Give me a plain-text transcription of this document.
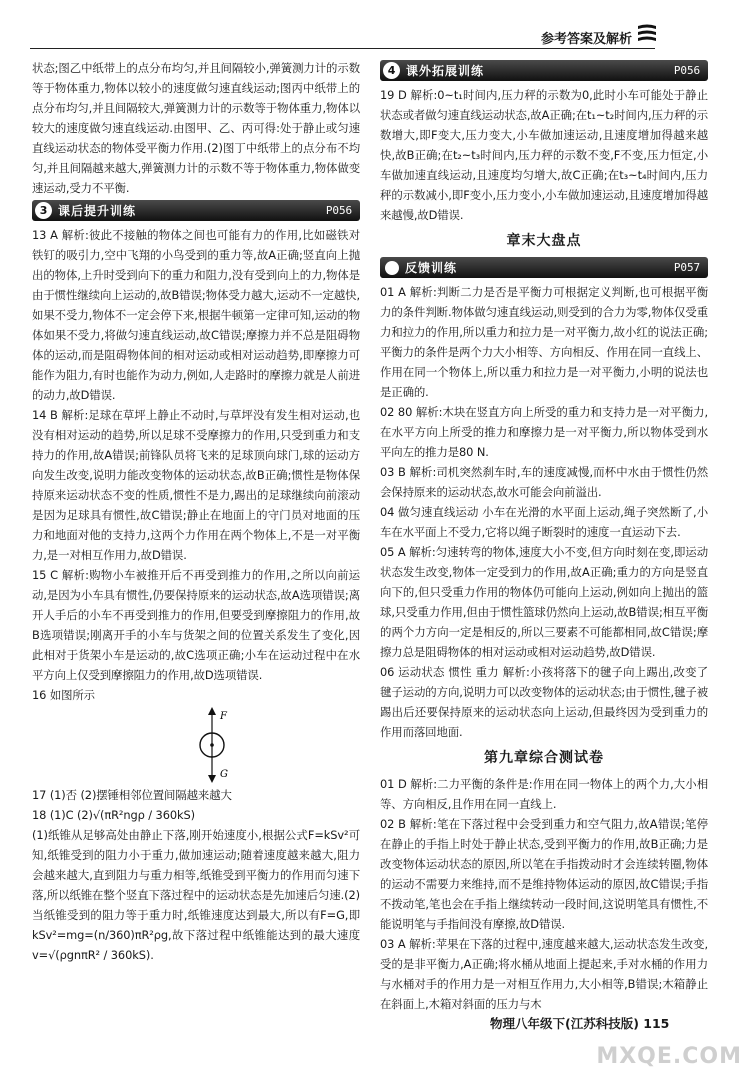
参考答案及解析

状态;图乙中纸带上的点分布均匀,并且间隔较小,弹簧测力计的示数等于物体重力,物体以较小的速度做匀速直线运动;图丙中纸带上的点分布均匀,并且间隔较大,弹簧测力计的示数等于物体重力,物体以较大的速度做匀速直线运动.由图甲、乙、丙可得:处于静止或匀速直线运动状态的物体受平衡力作用.(2)图丁中纸带上的点分布不均匀,并且间隔越来越大,弹簧测力计的示数不等于物体重力,物体做变速运动,受力不平衡.

3 课后提升训练	P056

13 A 解析:彼此不接触的物体之间也可能有力的作用,比如磁铁对铁钉的吸引力,空中飞翔的小鸟受到的重力等,故A正确;竖直向上抛出的物体,上升时受到向下的重力和阻力,没有受到向上的力,物体是由于惯性继续向上运动的,故B错误;物体受力越大,运动不一定越快,如果不受力,物体不一定会停下来,根据牛顿第一定律可知,运动的物体如果不受力,将做匀速直线运动,故C错误;摩擦力并不总是阻碍物体的运动,而是阻碍物体间的相对运动或相对运动趋势,即摩擦力可能作为阻力,有时也能作为动力,例如,人走路时的摩擦力就是人前进的动力,故D错误.

14 B 解析:足球在草坪上静止不动时,与草坪没有发生相对运动,也没有相对运动的趋势,所以足球不受摩擦力的作用,只受到重力和支持力的作用,故A错误;前锋队员将飞来的足球顶向球门,球的运动方向发生改变,说明力能改变物体的运动状态,故B正确;惯性是物体保持原来运动状态不变的性质,惯性不是力,踢出的足球继续向前滚动是因为足球具有惯性,故C错误;静止在地面上的守门员对地面的压力和地面对他的支持力,这两个力作用在两个物体上,不是一对平衡力,是一对相互作用力,故D错误.

15 C 解析:购物小车被推开后不再受到推力的作用,之所以向前运动,是因为小车具有惯性,仍要保持原来的运动状态,故A选项错误;离开人手后的小车不再受到推力的作用,但要受到摩擦阻力的作用,故B选项错误;刚离开手的小车与货架之间的位置关系发生了变化,因此相对于货架小车是运动的,故C选项正确;小车在运动过程中在水平方向上仅受到摩擦阻力的作用,故D选项错误.

16 如图所示

F
G

17 (1)否 (2)摆锤相邻位置间隔越来越大

18 (1)C (2)√(πR²ngρ / 360kS)

(1)纸锥从足够高处由静止下落,刚开始速度小,根据公式F=kSv²可知,纸锥受到的阻力小于重力,做加速运动;随着速度越来越大,阻力会越来越大,直到阻力与重力相等,纸锥受到平衡力的作用而匀速下落,所以纸锥在整个竖直下落过程中的运动状态是先加速后匀速.(2)当纸锥受到的阻力等于重力时,纸锥速度达到最大,所以有F=G,即kSv²=mg=(n/360)πR²ρg,故下落过程中纸锥能达到的最大速度v=√(ρgnπR² / 360kS).

4 课外拓展训练	P056

19 D 解析:0~t₁时间内,压力秤的示数为0,此时小车可能处于静止状态或者做匀速直线运动状态,故A正确;在t₁~t₂时间内,压力秤的示数增大,即F变大,压力变大,小车做加速运动,且速度增加得越来越快,故B正确;在t₂~t₃时间内,压力秤的示数不变,F不变,压力恒定,小车做加速直线运动,且速度均匀增大,故C正确;在t₃~t₄时间内,压力秤的示数减小,即F变小,压力变小,小车做加速运动,且速度增加得越来越慢,故D错误.

章末大盘点
反馈训练	P057

01 A 解析:判断二力是否是平衡力可根据定义判断,也可根据平衡力的条件判断.物体做匀速直线运动,则受到的合力为零,物体仅受重力和拉力的作用,所以重力和拉力是一对平衡力,故小红的说法正确;平衡力的条件是两个力大小相等、方向相反、作用在同一直线上、作用在同一个物体上,所以重力和拉力是一对平衡力,小明的说法也是正确的.

02 80 解析:木块在竖直方向上所受的重力和支持力是一对平衡力,在水平方向上所受的推力和摩擦力是一对平衡力,所以物体受到水平向左的推力是80 N.

03 B 解析:司机突然刹车时,车的速度减慢,而杯中水由于惯性仍然会保持原来的运动状态,故水可能会向前溢出.

04 做匀速直线运动 小车在光滑的水平面上运动,绳子突然断了,小车在水平面上不受力,它将以绳子断裂时的速度一直运动下去.

05 A 解析:匀速转弯的物体,速度大小不变,但方向时刻在变,即运动状态发生改变,物体一定受到力的作用,故A正确;重力的方向是竖直向下的,但只受重力作用的物体仍可能向上运动,例如向上抛出的篮球,只受重力作用,但由于惯性篮球仍然向上运动,故B错误;相互平衡的两个力方向一定是相反的,所以三要素不可能都相同,故C错误;摩擦力总是阻碍物体的相对运动或相对运动趋势,故D错误.

06 运动状态 惯性 重力 解析:小孩将落下的毽子向上踢出,改变了毽子运动的方向,说明力可以改变物体的运动状态;由于惯性,毽子被踢出后还要保持原来的运动状态向上运动,但最终因为受到重力的作用而落回地面.

第九章综合测试卷

01 D 解析:二力平衡的条件是:作用在同一物体上的两个力,大小相等、方向相反,且作用在同一直线上.

02 B 解析:笔在下落过程中会受到重力和空气阻力,故A错误;笔停在静止的手指上时处于静止状态,受到平衡力的作用,故B正确;力是改变物体运动状态的原因,所以笔在手指拨动时才会连续转圈,物体的运动不需要力来维持,而不是维持物体运动的原因,故C错误;手指不拨动笔,笔也会在手指上继续转动一段时间,这说明笔具有惯性,不能说明笔与手指间没有摩擦,故D错误.

03 A 解析:苹果在下落的过程中,速度越来越大,运动状态发生改变,受的是非平衡力,A正确;将水桶从地面上提起来,手对水桶的作用力与水桶对手的作用力是一对相互作用力,大小相等,B错误;木箱静止在斜面上,木箱对斜面的压力与木

物理八年级下(江苏科技版) 115
MXQE.COM
